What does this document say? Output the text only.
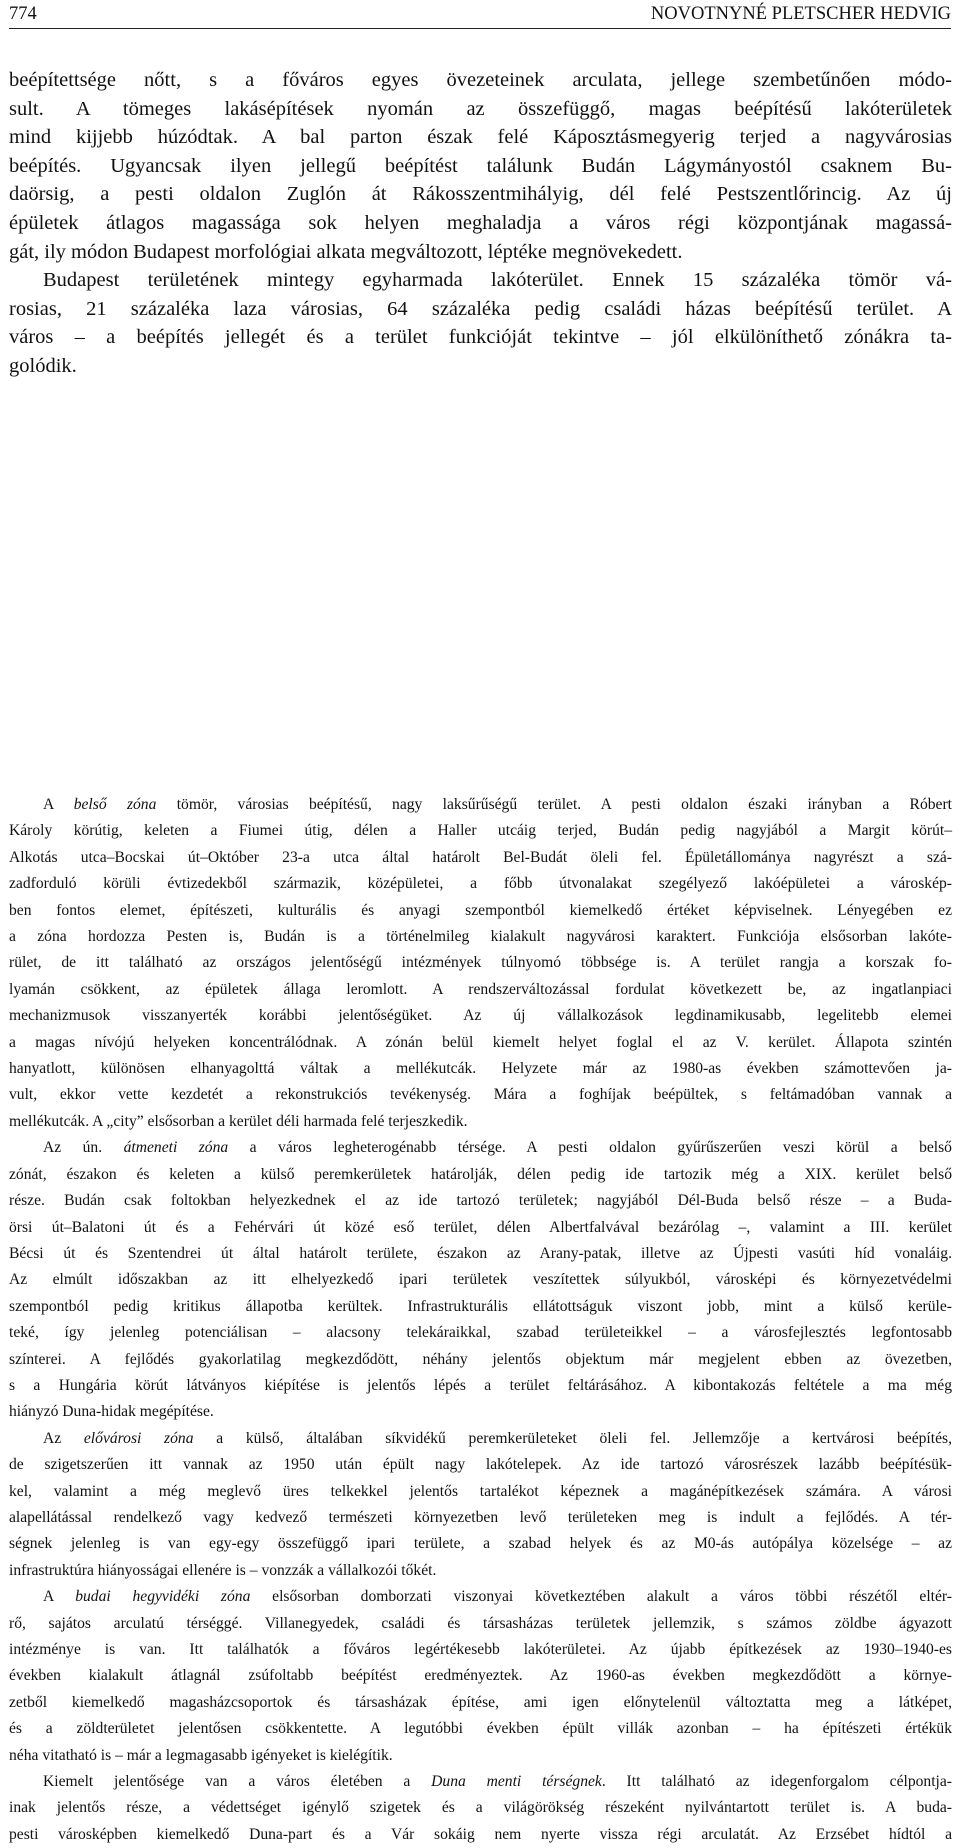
774	NOVOTNYNÉ PLETSCHER HEDVIG
beépítettsége nőtt, s a főváros egyes övezeteinek arculata, jellege szembetűnően módo-
sult. A tömeges lakásépítések nyomán az összefüggő, magas beépítésű lakóterületek
mind kijjebb húzódtak. A bal parton észak felé Káposztásmegyerig terjed a nagyvárosias
beépítés. Ugyancsak ilyen jellegű beépítést találunk Budán Lágymányostól csaknem Bu-
daörsig, a pesti oldalon Zuglón át Rákosszentmihályig, dél felé Pestszentlőrincig. Az új
épületek átlagos magassága sok helyen meghaladja a város régi központjának magassá-
gát, ily módon Budapest morfológiai alkata megváltozott, léptéke megnövekedett.
Budapest területének mintegy egyharmada lakóterület. Ennek 15 százaléka tömör vá-
rosias, 21 százaléka laza városias, 64 százaléka pedig családi házas beépítésű terület. A
város – a beépítés jellegét és a terület funkcióját tekintve – jól elkülöníthető zónákra ta-
golódik.
A belső zóna tömör, városias beépítésű, nagy laksűrűségű terület. A pesti oldalon északi irányban a Róbert
Károly körútig, keleten a Fiumei útig, délen a Haller utcáig terjed, Budán pedig nagyjából a Margit körút–
Alkotás utca–Bocskai út–Október 23-a utca által határolt Bel-Budát öleli fel. Épületállománya nagyrészt a szá-
zadforduló körüli évtizedekből származik, középületei, a főbb útvonalakat szegélyező lakóépületei a városkép-
ben fontos elemet, építészeti, kulturális és anyagi szempontból kiemelkedő értéket képviselnek. Lényegében ez
a zóna hordozza Pesten is, Budán is a történelmileg kialakult nagyvárosi karaktert. Funkciója elsősorban lakóte-
rület, de itt található az országos jelentőségű intézmények túlnyomó többsége is. A terület rangja a korszak fo-
lyamán csökkent, az épületek állaga leromlott. A rendszerváltozással fordulat következett be, az ingatlanpiaci
mechanizmusok visszanyerték korábbi jelentőségüket. Az új vállalkozások legdinamikusabb, legelitebb elemei
a magas nívójú helyeken koncentrálódnak. A zónán belül kiemelt helyet foglal el az V. kerület. Állapota szintén
hanyatlott, különösen elhanyagolttá váltak a mellékutcák. Helyzete már az 1980-as években számottevően ja-
vult, ekkor vette kezdetét a rekonstrukciós tevékenység. Mára a foghíjak beépültek, s feltámadóban vannak a
mellékutcák. A „city” elsősorban a kerület déli harmada felé terjeszkedik.
Az ún. átmeneti zóna a város legheterogénabb térsége. A pesti oldalon gyűrűszerűen veszi körül a belső
zónát, északon és keleten a külső peremkerületek határolják, délen pedig ide tartozik még a XIX. kerület belső
része. Budán csak foltokban helyezkednek el az ide tartozó területek; nagyjából Dél-Buda belső része – a Buda-
örsi út–Balatoni út és a Fehérvári út közé eső terület, délen Albertfalvával bezárólag –, valamint a III. kerület
Bécsi út és Szentendrei út által határolt területe, északon az Arany-patak, illetve az Újpesti vasúti híd vonaláig.
Az elmúlt időszakban az itt elhelyezkedő ipari területek veszítettek súlyukból, városképi és környezetvédelmi
szempontból pedig kritikus állapotba kerültek. Infrastrukturális ellátottságuk viszont jobb, mint a külső kerüle-
teké, így jelenleg potenciálisan – alacsony telekáraikkal, szabad területeikkel – a városfejlesztés legfontosabb
színterei. A fejlődés gyakorlatilag megkezdődött, néhány jelentős objektum már megjelent ebben az övezetben,
s a Hungária körút látványos kiépítése is jelentős lépés a terület feltárásához. A kibontakozás feltétele a ma még
hiányzó Duna-hidak megépítése.
Az elővárosi zóna a külső, általában síkvidékű peremkerületeket öleli fel. Jellemzője a kertvárosi beépítés,
de szigetszerűen itt vannak az 1950 után épült nagy lakótelepek. Az ide tartozó városrészek lazább beépítésük-
kel, valamint a még meglevő üres telkekkel jelentős tartalékot képeznek a magánépítkezések számára. A városi
alapellátással rendelkező vagy kedvező természeti környezetben levő területeken meg is indult a fejlődés. A tér-
ségnek jelenleg is van egy-egy összefüggő ipari területe, a szabad helyek és az M0-ás autópálya közelsége – az
infrastruktúra hiányosságai ellenére is – vonzzák a vállalkozói tőkét.
A budai hegyvidéki zóna elsősorban domborzati viszonyai következtében alakult a város többi részétől eltér-
rő, sajátos arculatú térséggé. Villanegyedek, családi és társasházas területek jellemzik, s számos zöldbe ágyazott
intézménye is van. Itt találhatók a főváros legértékesebb lakóterületei. Az újabb építkezések az 1930–1940-es
években kialakult átlagnál zsúfoltabb beépítést eredményeztek. Az 1960-as években megkezdődött a környe-
zetből kiemelkedő magasházcsoportok és társasházak építése, ami igen előnytelenül változtatta meg a látképet,
és a zöldterületet jelentősen csökkentette. A legutóbbi években épült villák azonban – ha építészeti értékük
néha vitatható is – már a legmagasabb igényeket is kielégítik.
Kiemelt jelentősége van a város életében a Duna menti térségnek. Itt található az idegenforgalom célpontja-
inak jelentős része, a védettséget igénylő szigetek és a világörökség részeként nyilvántartott terület is. A buda-
pesti városképben kiemelkedő Duna-part és a Vár sokáig nem nyerte vissza régi arculatát. Az Erzsébet hídtól a
